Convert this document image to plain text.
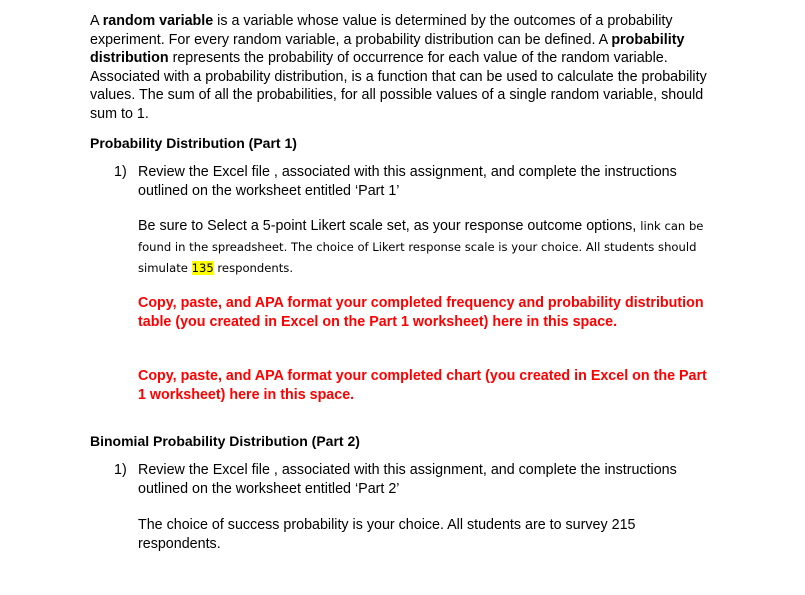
A random variable is a variable whose value is determined by the outcomes of a probability experiment. For every random variable, a probability distribution can be defined. A probability distribution represents the probability of occurrence for each value of the random variable. Associated with a probability distribution, is a function that can be used to calculate the probability values. The sum of all the probabilities, for all possible values of a single random variable, should sum to 1.

Probability Distribution (Part 1)

1) Review the Excel file , associated with this assignment, and complete the instructions outlined on the worksheet entitled ‘Part 1’

Be sure to Select a 5-point Likert scale set, as your response outcome options, link can be found in the spreadsheet. The choice of Likert response scale is your choice. All students should simulate 135 respondents.

Copy, paste, and APA format your completed frequency and probability distribution table (you created in Excel on the Part 1 worksheet) here in this space.

Copy, paste, and APA format your completed chart (you created in Excel on the Part 1 worksheet) here in this space.

Binomial Probability Distribution (Part 2)

1) Review the Excel file , associated with this assignment, and complete the instructions outlined on the worksheet entitled ‘Part 2’

The choice of success probability is your choice. All students are to survey 215 respondents.
